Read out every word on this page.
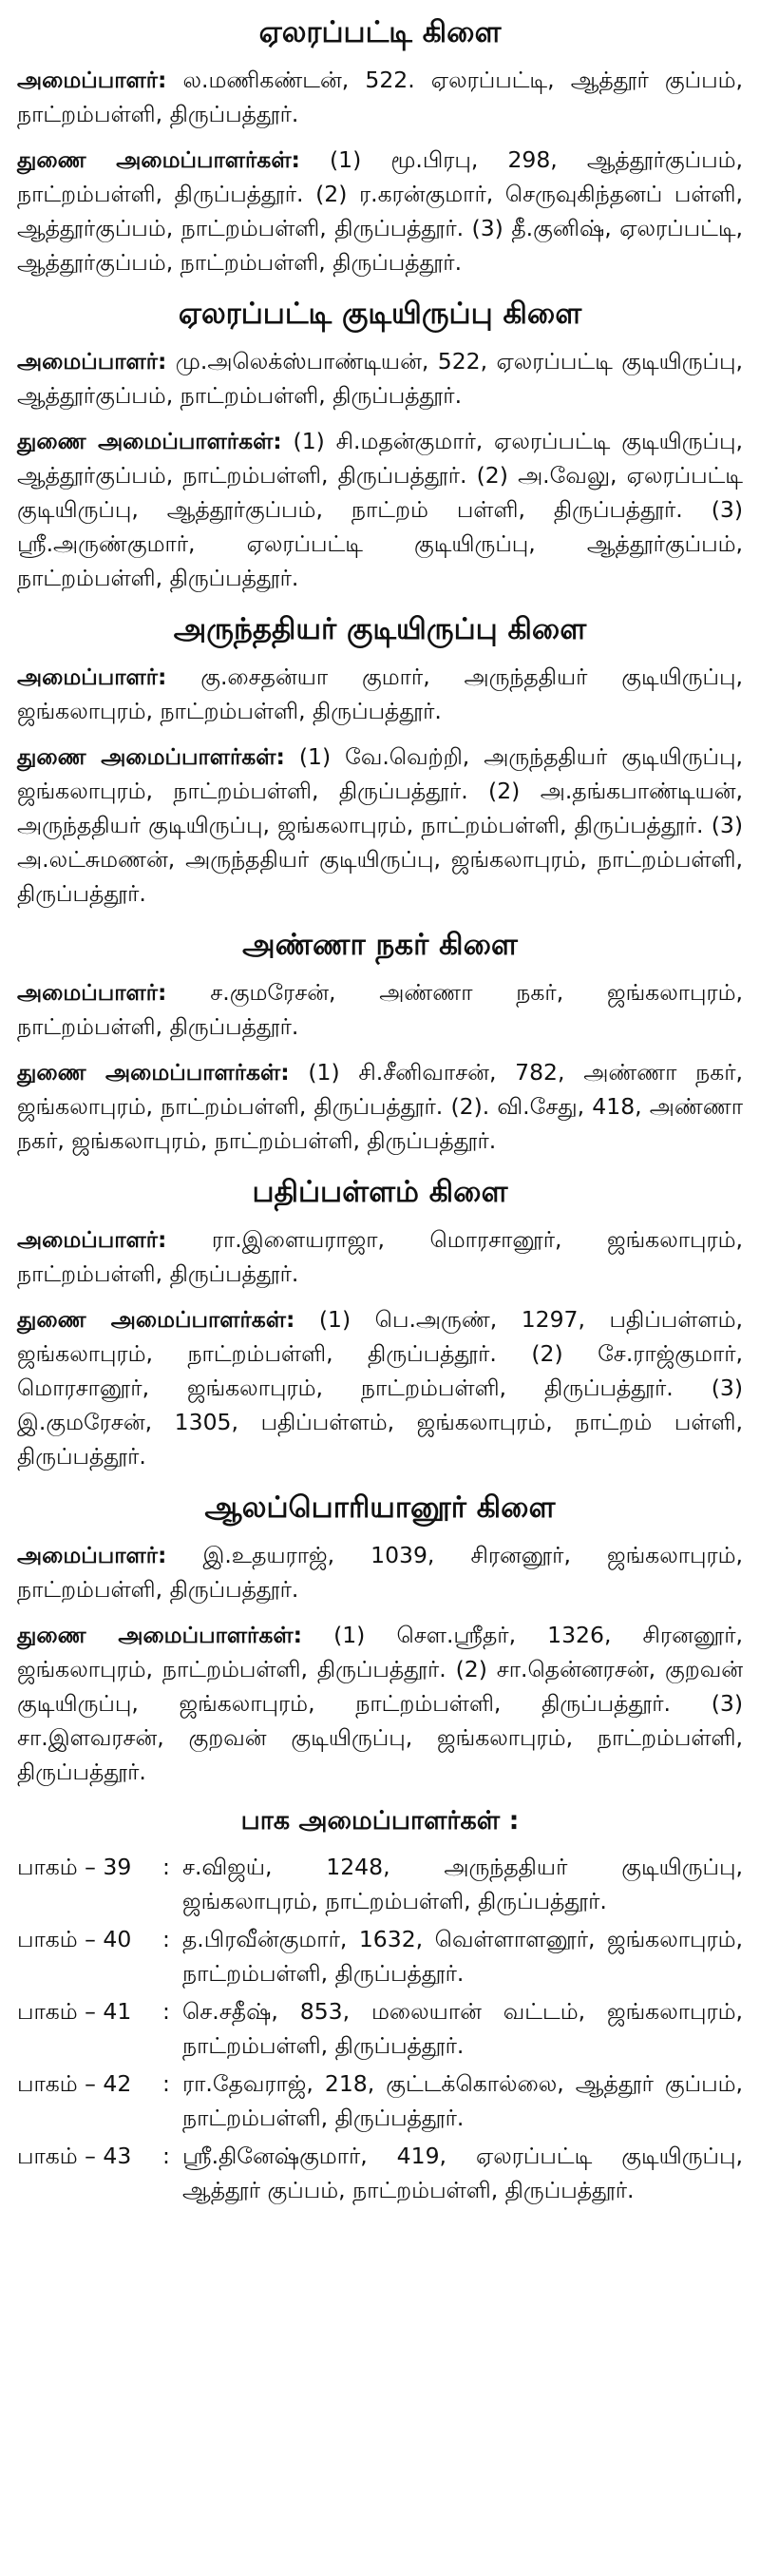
ஏலரப்பட்டி கிளை

அமைப்பாளர்: ல.மணிகண்டன், 522. ஏலரப்பட்டி, ஆத்தூர் குப்பம், நாட்றம்பள்ளி, திருப்பத்தூர்.

துணை அமைப்பாளர்கள்: (1) மூ.பிரபு, 298, ஆத்தூர்குப்பம், நாட்றம்பள்ளி, திருப்பத்தூர். (2) ர.கரன்குமார், செருவுகிந்தனப் பள்ளி, ஆத்தூர்குப்பம், நாட்றம்பள்ளி, திருப்பத்தூர். (3) தீ.குனிஷ், ஏலரப்பட்டி, ஆத்தூர்குப்பம், நாட்றம்பள்ளி, திருப்பத்தூர்.

ஏலரப்பட்டி குடியிருப்பு கிளை

அமைப்பாளர்: மு.அலெக்ஸ்பாண்டியன், 522, ஏலரப்பட்டி குடியிருப்பு, ஆத்தூர்குப்பம், நாட்றம்பள்ளி, திருப்பத்தூர்.

துணை அமைப்பாளர்கள்: (1) சி.மதன்குமார், ஏலரப்பட்டி குடியிருப்பு, ஆத்தூர்குப்பம், நாட்றம்பள்ளி, திருப்பத்தூர். (2) அ.வேலு, ஏலரப்பட்டி குடியிருப்பு, ஆத்தூர்குப்பம், நாட்றம் பள்ளி, திருப்பத்தூர். (3) ஸ்ரீ.அருண்குமார், ஏலரப்பட்டி குடியிருப்பு, ஆத்தூர்குப்பம், நாட்றம்பள்ளி, திருப்பத்தூர்.

அருந்ததியர் குடியிருப்பு கிளை

அமைப்பாளர்: கு.சைதன்யா குமார், அருந்ததியர் குடியிருப்பு, ஜங்கலாபுரம், நாட்றம்பள்ளி, திருப்பத்தூர்.

துணை அமைப்பாளர்கள்: (1) வே.வெற்றி, அருந்ததியர் குடியிருப்பு, ஜங்கலாபுரம், நாட்றம்பள்ளி, திருப்பத்தூர். (2) அ.தங்கபாண்டியன், அருந்ததியர் குடியிருப்பு, ஜங்கலாபுரம், நாட்றம்பள்ளி, திருப்பத்தூர். (3) அ.லட்சுமணன், அருந்ததியர் குடியிருப்பு, ஜங்கலாபுரம், நாட்றம்பள்ளி, திருப்பத்தூர்.

அண்ணா நகர் கிளை

அமைப்பாளர்: ச.குமரேசன், அண்ணா நகர், ஜங்கலாபுரம், நாட்றம்பள்ளி, திருப்பத்தூர்.

துணை அமைப்பாளர்கள்: (1) சி.சீனிவாசன், 782, அண்ணா நகர், ஜங்கலாபுரம், நாட்றம்பள்ளி, திருப்பத்தூர். (2). வி.சேது, 418, அண்ணா நகர், ஜங்கலாபுரம், நாட்றம்பள்ளி, திருப்பத்தூர்.

பதிப்பள்ளம் கிளை

அமைப்பாளர்: ரா.இளையராஜா, மொரசானூர், ஜங்கலாபுரம், நாட்றம்பள்ளி, திருப்பத்தூர்.

துணை அமைப்பாளர்கள்: (1) பெ.அருண், 1297, பதிப்பள்ளம், ஜங்கலாபுரம், நாட்றம்பள்ளி, திருப்பத்தூர். (2) சே.ராஜ்குமார், மொரசானூர், ஜங்கலாபுரம், நாட்றம்பள்ளி, திருப்பத்தூர். (3) இ.குமரேசன், 1305, பதிப்பள்ளம், ஜங்கலாபுரம், நாட்றம் பள்ளி, திருப்பத்தூர்.

ஆலப்பொரியானூர் கிளை

அமைப்பாளர்: இ.உதயராஜ், 1039, சிரனனூர், ஜங்கலாபுரம், நாட்றம்பள்ளி, திருப்பத்தூர்.

துணை அமைப்பாளர்கள்: (1) சௌ.ஸ்ரீதர், 1326, சிரனனூர், ஜங்கலாபுரம், நாட்றம்பள்ளி, திருப்பத்தூர். (2) சா.தென்னரசன், குறவன் குடியிருப்பு, ஜங்கலாபுரம், நாட்றம்பள்ளி, திருப்பத்தூர். (3) சா.இளவரசன், குறவன் குடியிருப்பு, ஜங்கலாபுரம், நாட்றம்பள்ளி, திருப்பத்தூர்.

பாக அமைப்பாளர்கள் :
பாகம் – 39	: ச.விஜய், 1248, அருந்ததியர் குடியிருப்பு, ஜங்கலாபுரம், நாட்றம்பள்ளி, திருப்பத்தூர்.
பாகம் – 40	: த.பிரவீன்குமார், 1632, வெள்ளாளனூர், ஜங்கலாபுரம், நாட்றம்பள்ளி, திருப்பத்தூர்.
பாகம் – 41	: செ.சதீஷ், 853, மலையான் வட்டம், ஜங்கலாபுரம், நாட்றம்பள்ளி, திருப்பத்தூர்.
பாகம் – 42	: ரா.தேவராஜ், 218, குட்டக்கொல்லை, ஆத்தூர் குப்பம், நாட்றம்பள்ளி, திருப்பத்தூர்.
பாகம் – 43	: ஸ்ரீ.தினேஷ்குமார், 419, ஏலரப்பட்டி குடியிருப்பு, ஆத்தூர் குப்பம், நாட்றம்பள்ளி, திருப்பத்தூர்.
